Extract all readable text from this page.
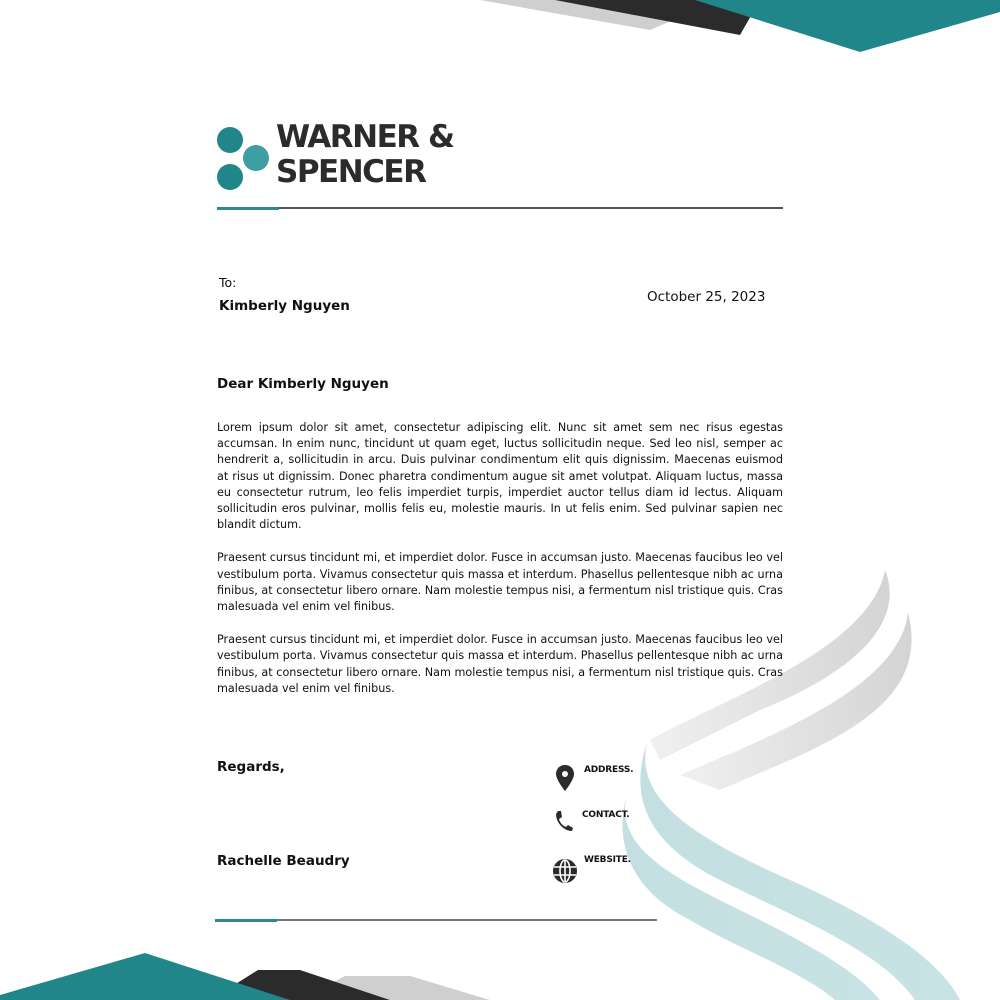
WARNER &
SPENCER
To:
Kimberly Nguyen
October 25, 2023
Dear Kimberly Nguyen

Lorem ipsum dolor sit amet, consectetur adipiscing elit. Nunc sit amet sem nec risus egestas accumsan. In enim nunc, tincidunt ut quam eget, luctus sollicitudin neque. Sed leo nisl, semper ac hendrerit a, sollicitudin in arcu. Duis pulvinar condimentum elit quis dignissim. Maecenas euismod at risus ut dignissim. Donec pharetra condimentum augue sit amet volutpat. Aliquam luctus, massa eu consectetur rutrum, leo felis imperdiet turpis, imperdiet auctor tellus diam id lectus. Aliquam sollicitudin eros pulvinar, mollis felis eu, molestie mauris. In ut felis enim. Sed pulvinar sapien nec blandit dictum.

Praesent cursus tincidunt mi, et imperdiet dolor. Fusce in accumsan justo. Maecenas faucibus leo vel vestibulum porta. Vivamus consectetur quis massa et interdum. Phasellus pellentesque nibh ac urna finibus, at consectetur libero ornare. Nam molestie tempus nisi, a fermentum nisl tristique quis. Cras malesuada vel enim vel finibus.

Praesent cursus tincidunt mi, et imperdiet dolor. Fusce in accumsan justo. Maecenas faucibus leo vel vestibulum porta. Vivamus consectetur quis massa et interdum. Phasellus pellentesque nibh ac urna finibus, at consectetur libero ornare. Nam molestie tempus nisi, a fermentum nisl tristique quis. Cras malesuada vel enim vel finibus.

Regards,
Rachelle Beaudry
ADDRESS.
CONTACT.
WEBSITE.
